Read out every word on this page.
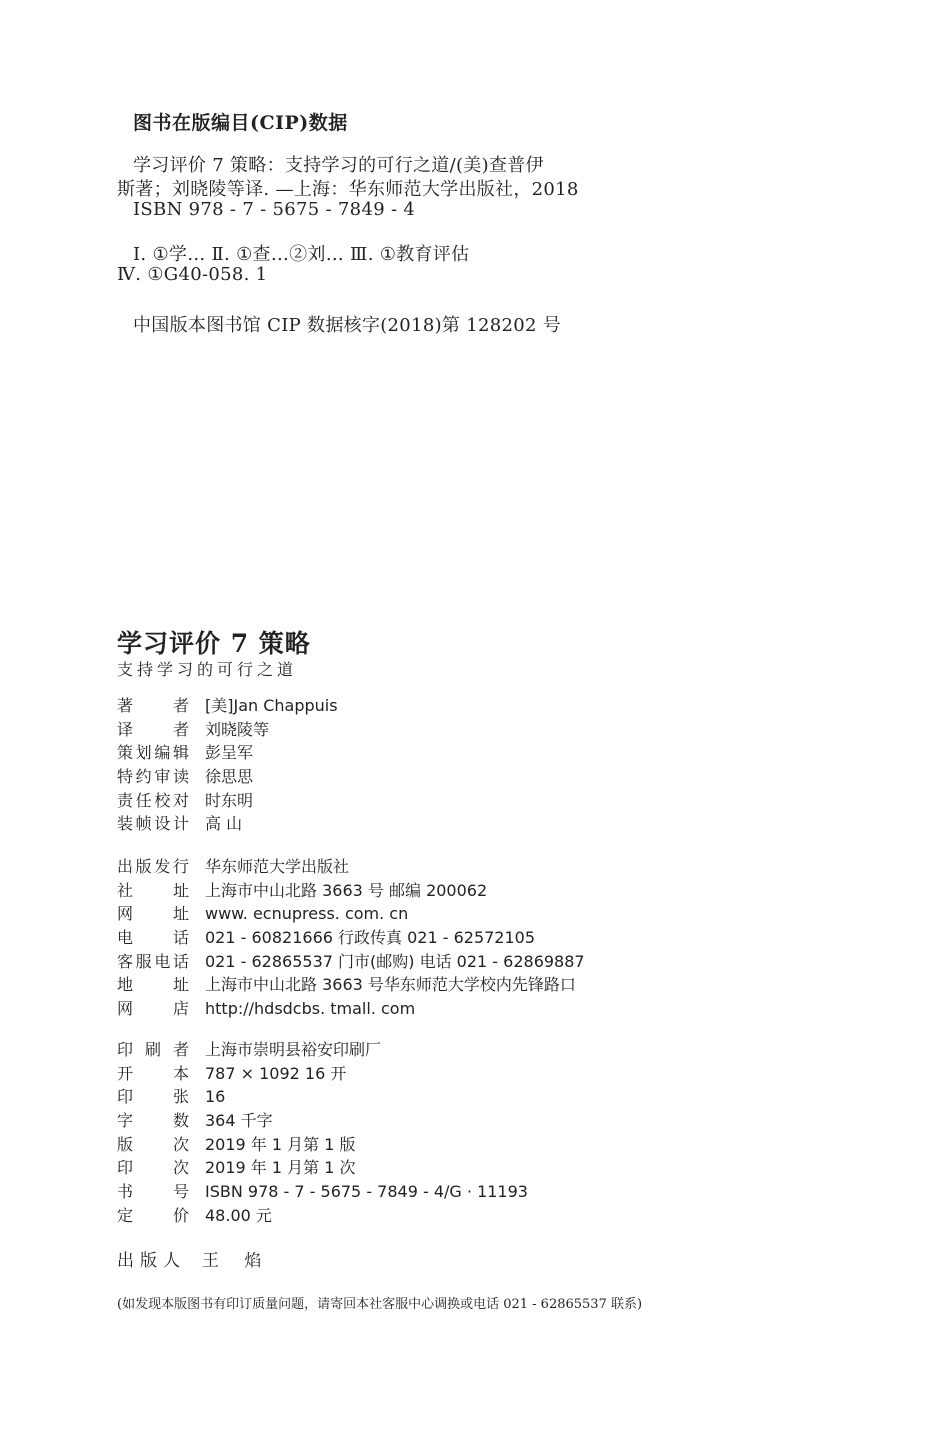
图书在版编目(CIP)数据
学习评价 7 策略：支持学习的可行之道/(美)查普伊
斯著；刘晓陵等译. —上海：华东师范大学出版社，2018
ISBN 978 - 7 - 5675 - 7849 - 4
Ⅰ. ①学… Ⅱ. ①查…②刘… Ⅲ. ①教育评估
Ⅳ. ①G40-058. 1
中国版本图书馆 CIP 数据核字(2018)第 128202 号
学习评价 7 策略
支持学习的可行之道
著者 [美]Jan Chappuis
译者 刘晓陵等
策划编辑 彭呈军
特约审读 徐思思
责任校对 时东明
装帧设计 高 山
出版发行 华东师范大学出版社
社址 上海市中山北路 3663 号 邮编 200062
网址 www. ecnupress. com. cn
电话 021 - 60821666 行政传真 021 - 62572105
客服电话 021 - 62865537 门市(邮购) 电话 021 - 62869887
地址 上海市中山北路 3663 号华东师范大学校内先锋路口
网店 http://hdsdcbs. tmall. com
印刷者 上海市崇明县裕安印刷厂
开本 787 × 1092 16 开
印张 16
字数 364 千字
版次 2019 年 1 月第 1 版
印次 2019 年 1 月第 1 次
书号 ISBN 978 - 7 - 5675 - 7849 - 4/G · 11193
定价 48.00 元
出版人 王 焰
(如发现本版图书有印订质量问题，请寄回本社客服中心调换或电话 021 - 62865537 联系)
